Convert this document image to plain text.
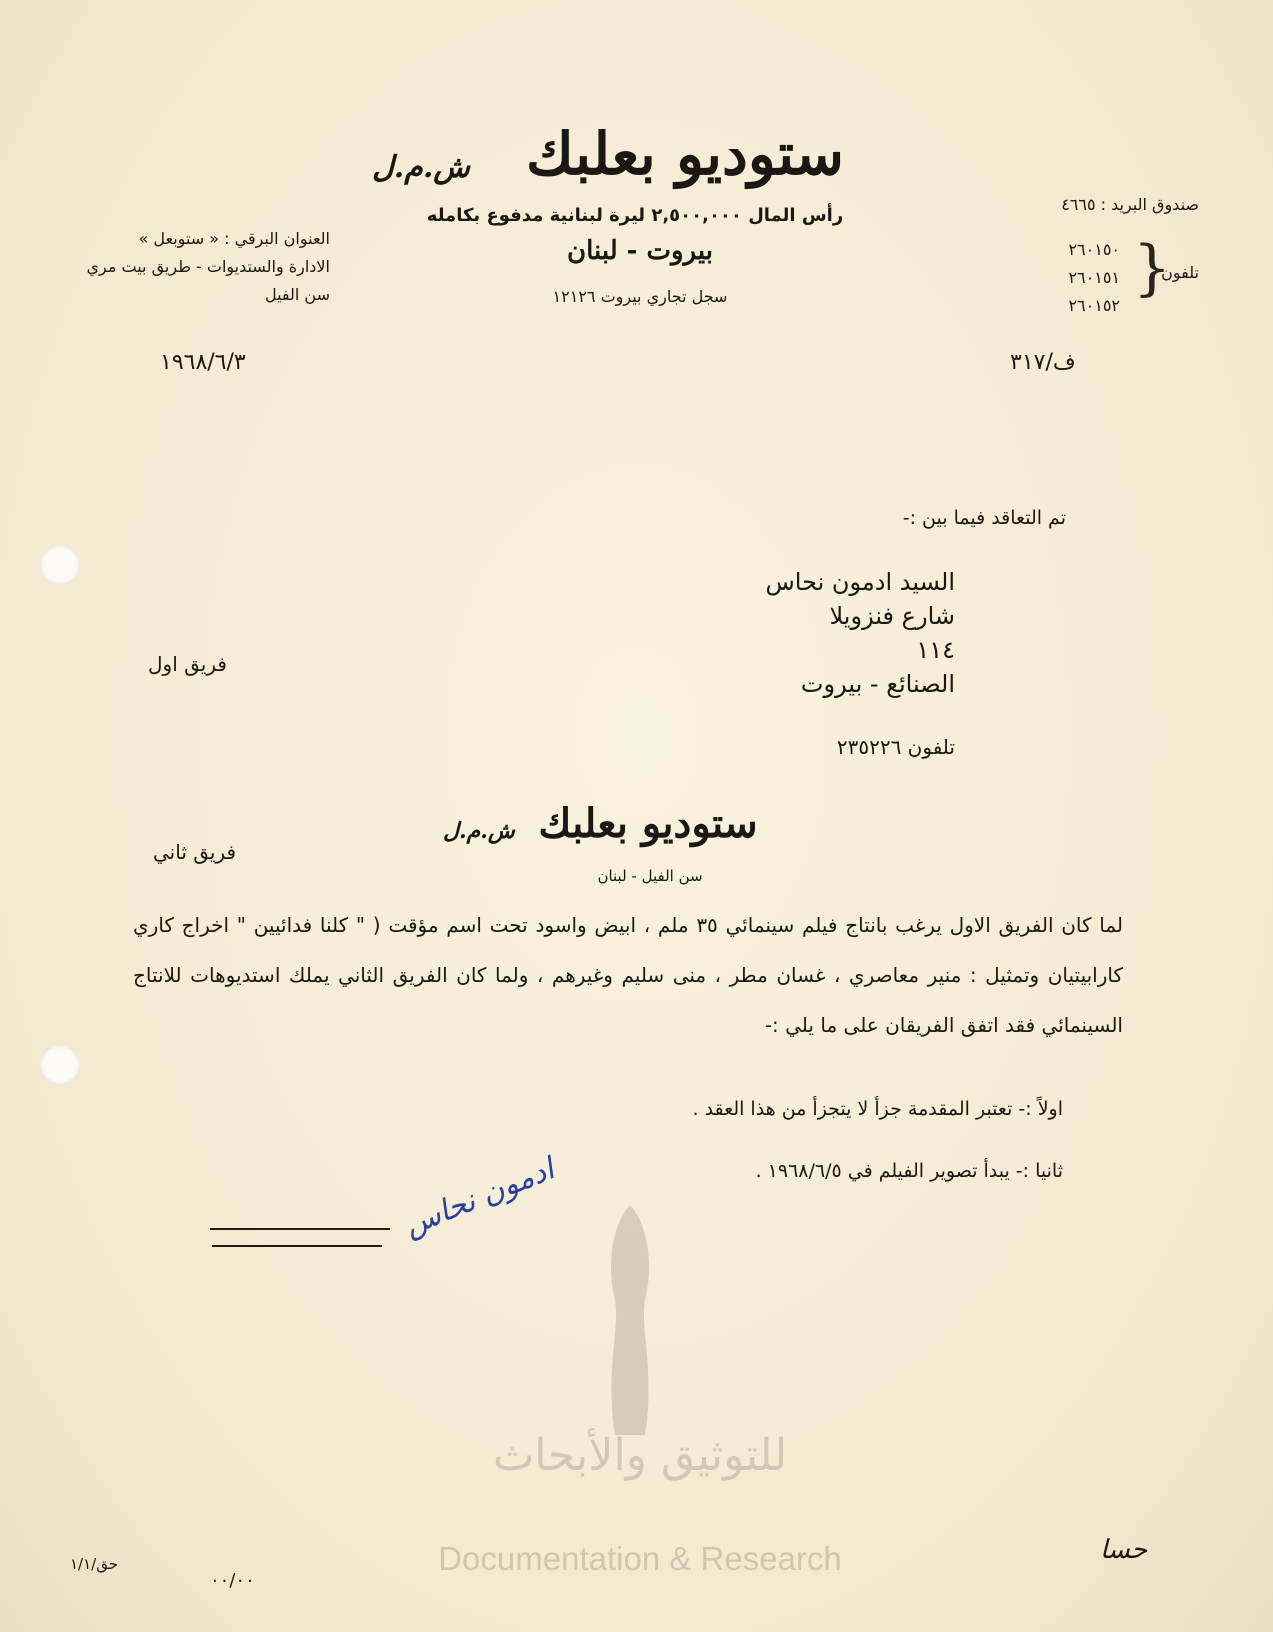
ستوديو بعلبك
ش.م.ل
رأس المال ٢,٥٠٠,٠٠٠ ليرة لبنانية مدفوع بكامله
بيروت - لبنان
سجل تجاري بيروت ١٢١٢٦
صندوق البريد : ٤٦٦٥
تلفون
}
٢٦٠١٥٠
٢٦٠١٥١
٢٦٠١٥٢
العنوان البرقي : « ستوبعل »
الادارة والستديوات - طريق بيت مري
سن الفيل
١٩٦٨/٦/٣	ف/٣١٧
تم التعاقد فيما بين :-
السيد ادمون نحاس
شارع فنزويلا
١١٤
الصنائع - بيروت
تلفون ٢٣٥٢٢٦
فريق اول
ستوديو بعلبك
ش.م.ل
سن الفيل - لبنان
فريق ثاني
لما كان الفريق الاول يرغب بانتاج فيلم سينمائي ٣٥ ملم ، ابيض واسود تحت اسم مؤقت ( " كلنا فدائيين " اخراج كاري كارابيتيان وتمثيل : منير معاصري ، غسان مطر ، منى سليم وغيرهم ، ولما كان الفريق الثاني يملك استديوهات للانتاج السينمائي فقد اتفق الفريقان على ما يلي :-
اولاً :- تعتبر المقدمة جزأ لا يتجزأ من هذا العقد .
ثانيا :- يبدأ تصوير الفيلم في ١٩٦٨/٦/٥ .
ادمون نحاس
للتوثيق والأبحاث
Documentation & Research
حق/١/١
٠٠/٠٠
حسا
